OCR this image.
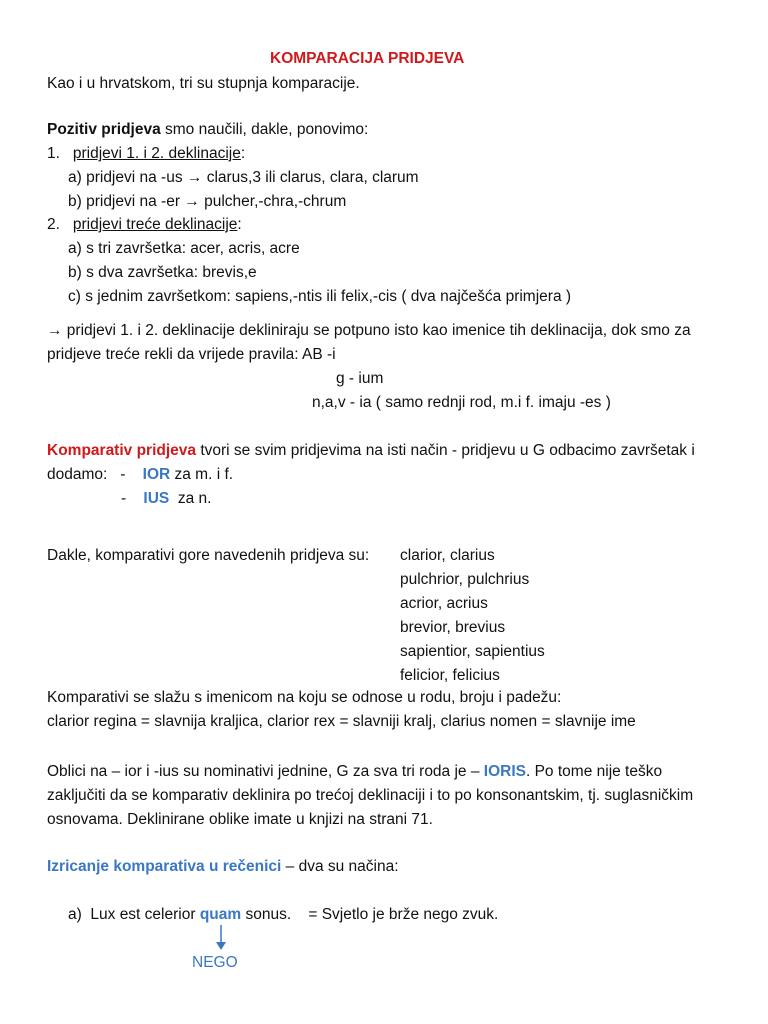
KOMPARACIJA PRIDJEVA
Kao i u hrvatskom, tri su stupnja komparacije.
Pozitiv pridjeva smo naučili, dakle, ponovimo:
1. pridjevi 1. i 2. deklinacije:
a) pridjevi na -us → clarus,3 ili clarus, clara, clarum
b) pridjevi na -er → pulcher,-chra,-chrum
2. pridjevi treće deklinacije:
a) s tri završetka: acer, acris, acre
b) s dva završetka: brevis,e
c) s jednim završetkom: sapiens,-ntis ili felix,-cis ( dva najčešća primjera )
→ pridjevi 1. i 2. deklinacije dekliniraju se potpuno isto kao imenice tih deklinacija, dok smo za
pridjeve treće rekli da vrijede pravila: AB -i
g - ium
n,a,v - ia ( samo rednji rod, m.i f. imaju -es )
Komparativ pridjeva tvori se svim pridjevima na isti način - pridjevu u G odbacimo završetak i
dodamo:   -    IOR za m. i f.
-    IUS  za n.
Dakle, komparativi gore navedenih pridjeva su: clarior, clarius
pulchrior, pulchrius
acrior, acrius
brevior, brevius
sapientior, sapientius
felicior, felicius
Komparativi se slažu s imenicom na koju se odnose u rodu, broju i padežu:
clarior regina = slavnija kraljica, clarior rex = slavniji kralj, clarius nomen = slavnije ime
Oblici na – ior i -ius su nominativi jednine, G za sva tri roda je – IORIS. Po tome nije teško
zaključiti da se komparativ deklinira po trećoj deklinaciji i to po konsonantskim, tj. suglasničkim
osnovama. Deklinirane oblike imate u knjizi na strani 71.
Izricanje komparativa u rečenici – dva su načina:
a)  Lux est celerior quam sonus.    = Svjetlo je brže nego zvuk.
NEGO
